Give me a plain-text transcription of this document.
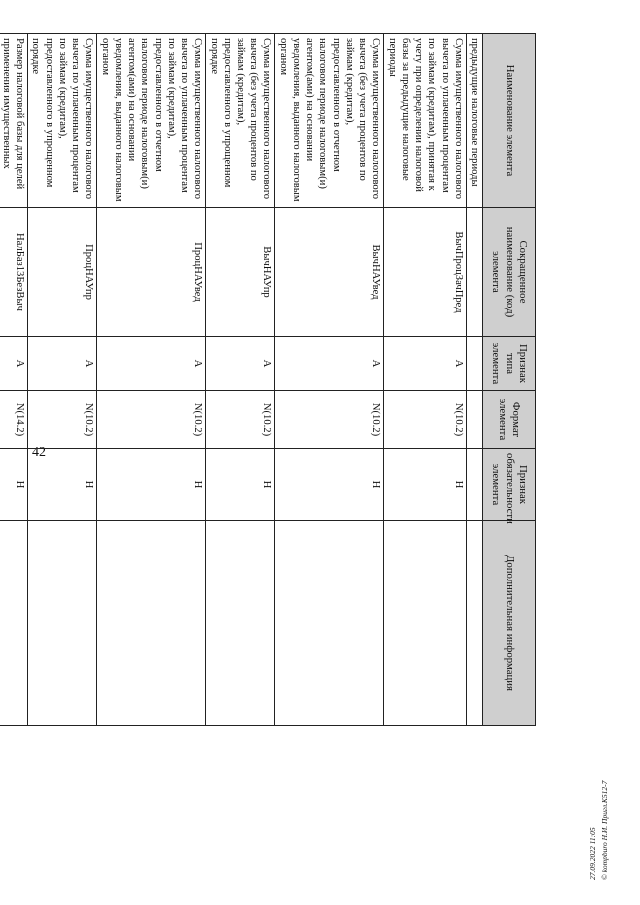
42
Наименование элемента	Сокращенное наименование (код) элемента	Признак типа элемента	Формат элемента	Признак обязательности элемента	Дополнительная информация
предыдущие налоговые периоды					
Сумма имущественного налогового вычета по уплаченным процентам по займам (кредитам), принятая к учету при определении налоговой базы за предыдущие налоговые периоды	ВычПроцЗачПред	А	N(10.2)	Н	
Сумма имущественного налогового вычета (без учета процентов по займам (кредитам), предоставленного в отчетном налоговом периоде налоговым(и) агентом(ами) на основании уведомления, выданного налоговым органом	ВычНАУвед	А	N(10.2)	Н	
Сумма имущественного налогового вычета (без учета процентов по займам (кредитам), предоставленного в упрощенном порядке	ВычНАУпр	А	N(10.2)	Н	
Сумма имущественного налогового вычета по уплаченным процентам по займам (кредитам), предоставленного в отчетном налоговом периоде налоговым(и) агентом(ами) на основании уведомления, выданного налоговым органом	ПроцНАУвед	А	N(10.2)	Н	
Сумма имущественного налогового вычета по уплаченным процентам по займам (кредитам), предоставленного в упрощенном порядке	ПроцНАУпр	А	N(10.2)	Н	
Размер налоговой базы для целей применения имущественных	НалБаз13БезВыч	А	N(14.2)	Н	
27.09.2022 11:05 © kompburo Н.И. Пригл.К512-7
